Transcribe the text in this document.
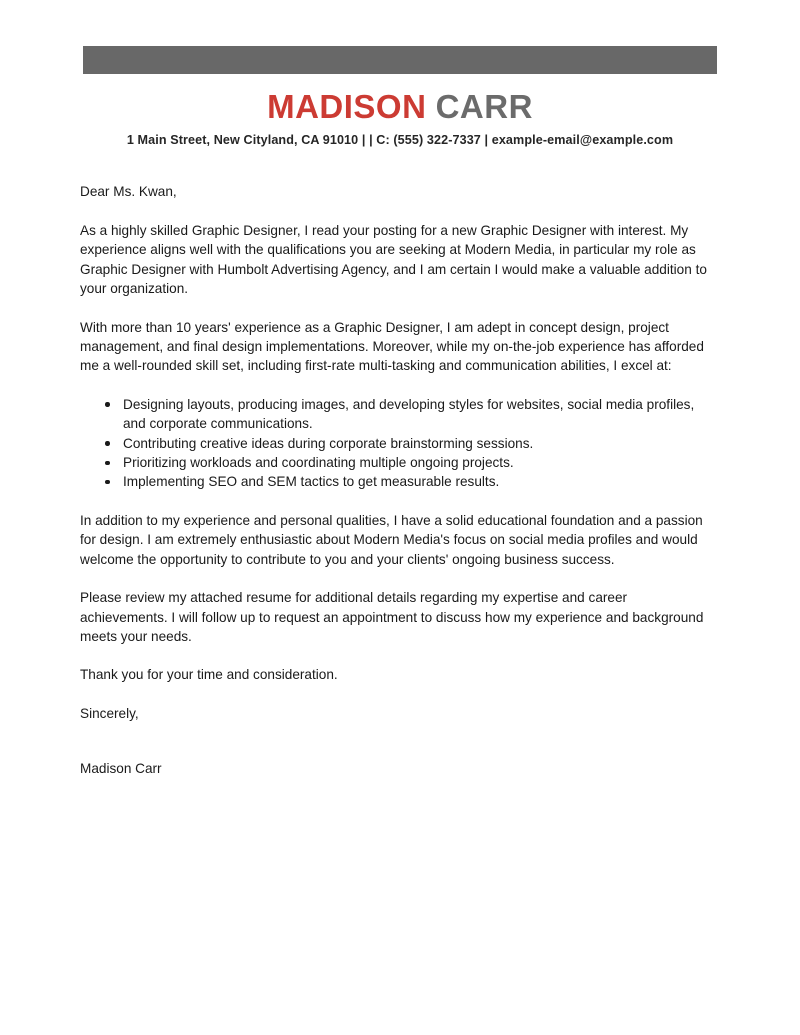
MADISON CARR
1 Main Street, New Cityland, CA 91010 | | C: (555) 322-7337 | example-email@example.com

Dear Ms. Kwan,

As a highly skilled Graphic Designer, I read your posting for a new Graphic Designer with interest. My experience aligns well with the qualifications you are seeking at Modern Media, in particular my role as Graphic Designer with Humbolt Advertising Agency, and I am certain I would make a valuable addition to your organization.

With more than 10 years' experience as a Graphic Designer, I am adept in concept design, project management, and final design implementations. Moreover, while my on-the-job experience has afforded me a well-rounded skill set, including first-rate multi-tasking and communication abilities, I excel at:

Designing layouts, producing images, and developing styles for websites, social media profiles, and corporate communications.
Contributing creative ideas during corporate brainstorming sessions.
Prioritizing workloads and coordinating multiple ongoing projects.
Implementing SEO and SEM tactics to get measurable results.

In addition to my experience and personal qualities, I have a solid educational foundation and a passion for design. I am extremely enthusiastic about Modern Media's focus on social media profiles and would welcome the opportunity to contribute to you and your clients' ongoing business success.

Please review my attached resume for additional details regarding my expertise and career achievements. I will follow up to request an appointment to discuss how my experience and background meets your needs.

Thank you for your time and consideration.

Sincerely,

Madison Carr
